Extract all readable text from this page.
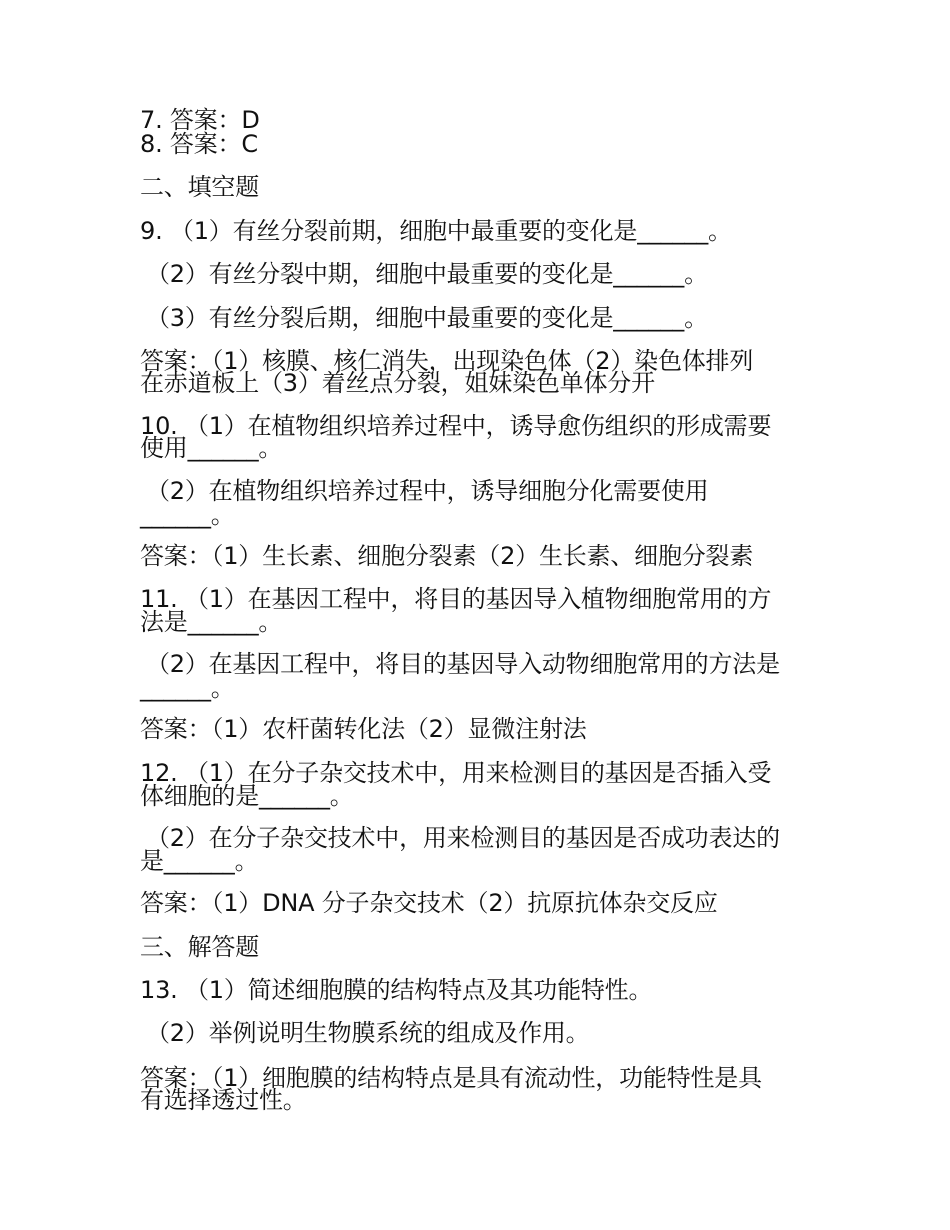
7. 答案：D
8. 答案：C
二、填空题
9. （1）有丝分裂前期，细胞中最重要的变化是______。
（2）有丝分裂中期，细胞中最重要的变化是______。
（3）有丝分裂后期，细胞中最重要的变化是______。
答案：（1）核膜、核仁消失，出现染色体（2）染色体排列
在赤道板上（3）着丝点分裂，姐妹染色单体分开
10. （1）在植物组织培养过程中，诱导愈伤组织的形成需要
使用______。
（2）在植物组织培养过程中，诱导细胞分化需要使用
______。
答案：（1）生长素、细胞分裂素（2）生长素、细胞分裂素
11. （1）在基因工程中，将目的基因导入植物细胞常用的方
法是______。
（2）在基因工程中，将目的基因导入动物细胞常用的方法是
______。
答案：（1）农杆菌转化法（2）显微注射法
12. （1）在分子杂交技术中，用来检测目的基因是否插入受
体细胞的是______。
（2）在分子杂交技术中，用来检测目的基因是否成功表达的
是______。
答案：（1）DNA 分子杂交技术（2）抗原抗体杂交反应
三、解答题
13. （1）简述细胞膜的结构特点及其功能特性。
（2）举例说明生物膜系统的组成及作用。
答案：（1）细胞膜的结构特点是具有流动性，功能特性是具
有选择透过性。
